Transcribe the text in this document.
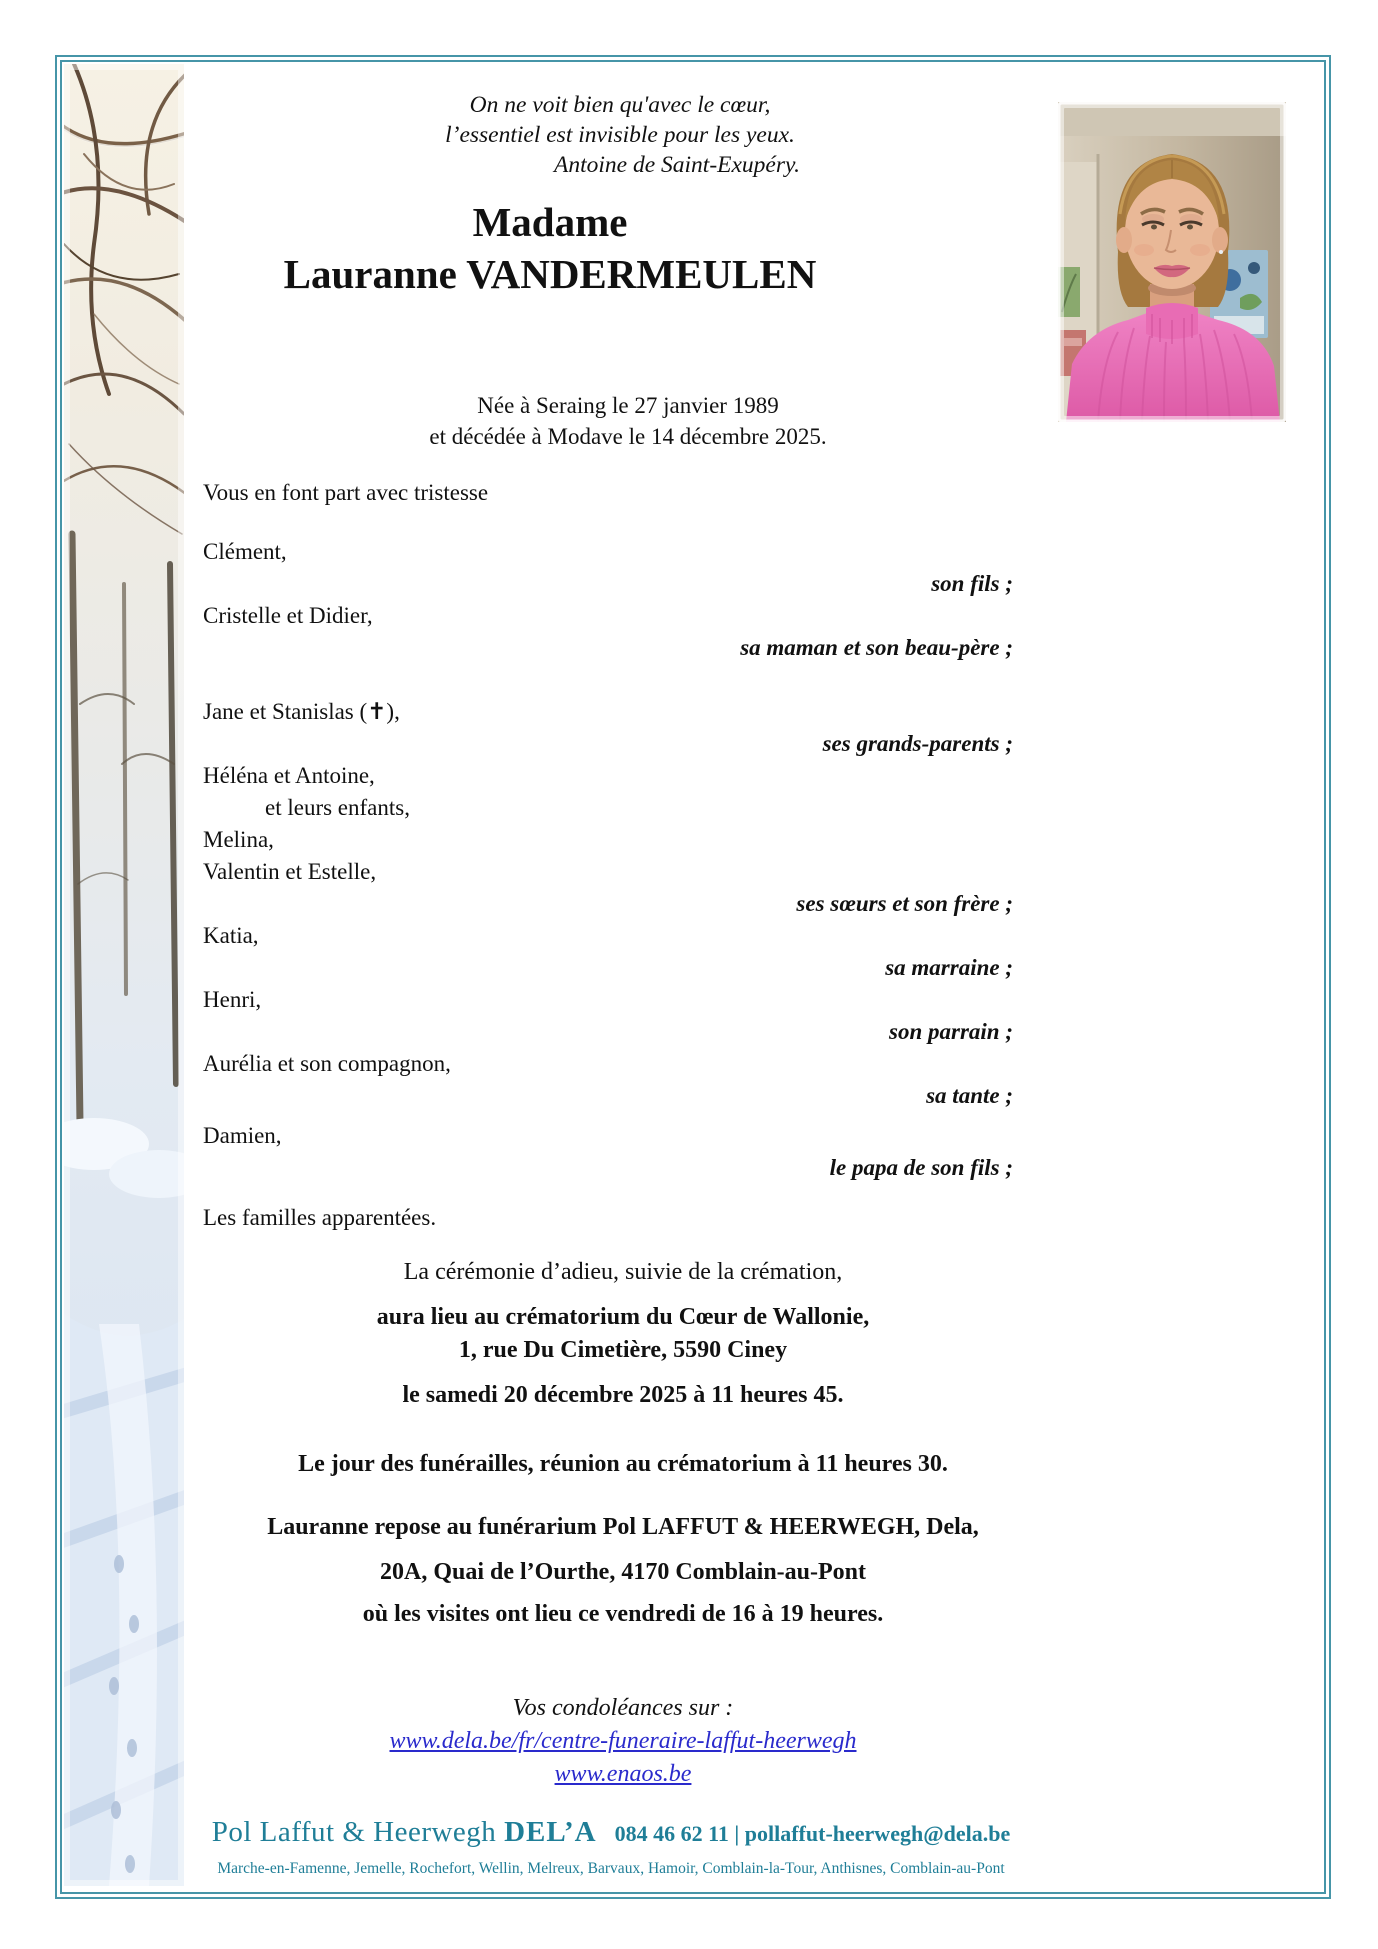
On ne voit bien qu'avec le cœur,
l’essentiel est invisible pour les yeux.
Antoine de Saint-Exupéry.
Madame
Lauranne VANDERMEULEN
Née à Seraing le 27 janvier 1989
et décédée à Modave le 14 décembre 2025.
Vous en font part avec tristesse
Clément,
son fils ;
Cristelle et Didier,
sa maman et son beau-père ;
Jane et Stanislas (✝),
ses grands-parents ;
Héléna et Antoine,
et leurs enfants,
Melina,
Valentin et Estelle,
ses sœurs et son frère ;
Katia,
sa marraine ;
Henri,
son parrain ;
Aurélia et son compagnon,
sa tante ;
Damien,
le papa de son fils ;
Les familles apparentées.

La cérémonie d’adieu, suivie de la crémation,

aura lieu au crématorium du Cœur de Wallonie,

1, rue Du Cimetière, 5590 Ciney

le samedi 20 décembre 2025 à 11 heures 45.

Le jour des funérailles, réunion au crématorium à 11 heures 30.

Lauranne repose au funérarium Pol LAFFUT & HEERWEGH, Dela,

20A, Quai de l’Ourthe, 4170 Comblain-au-Pont

où les visites ont lieu ce vendredi de 16 à 19 heures.

Vos condoléances sur :
www.dela.be/fr/centre-funeraire-laffut-heerwegh
www.enaos.be
Pol Laffut & Heerwegh DEL’A 084 46 62 11 | pollaffut-heerwegh@dela.be
Marche-en-Famenne, Jemelle, Rochefort, Wellin, Melreux, Barvaux, Hamoir, Comblain-la-Tour, Anthisnes, Comblain-au-Pont
